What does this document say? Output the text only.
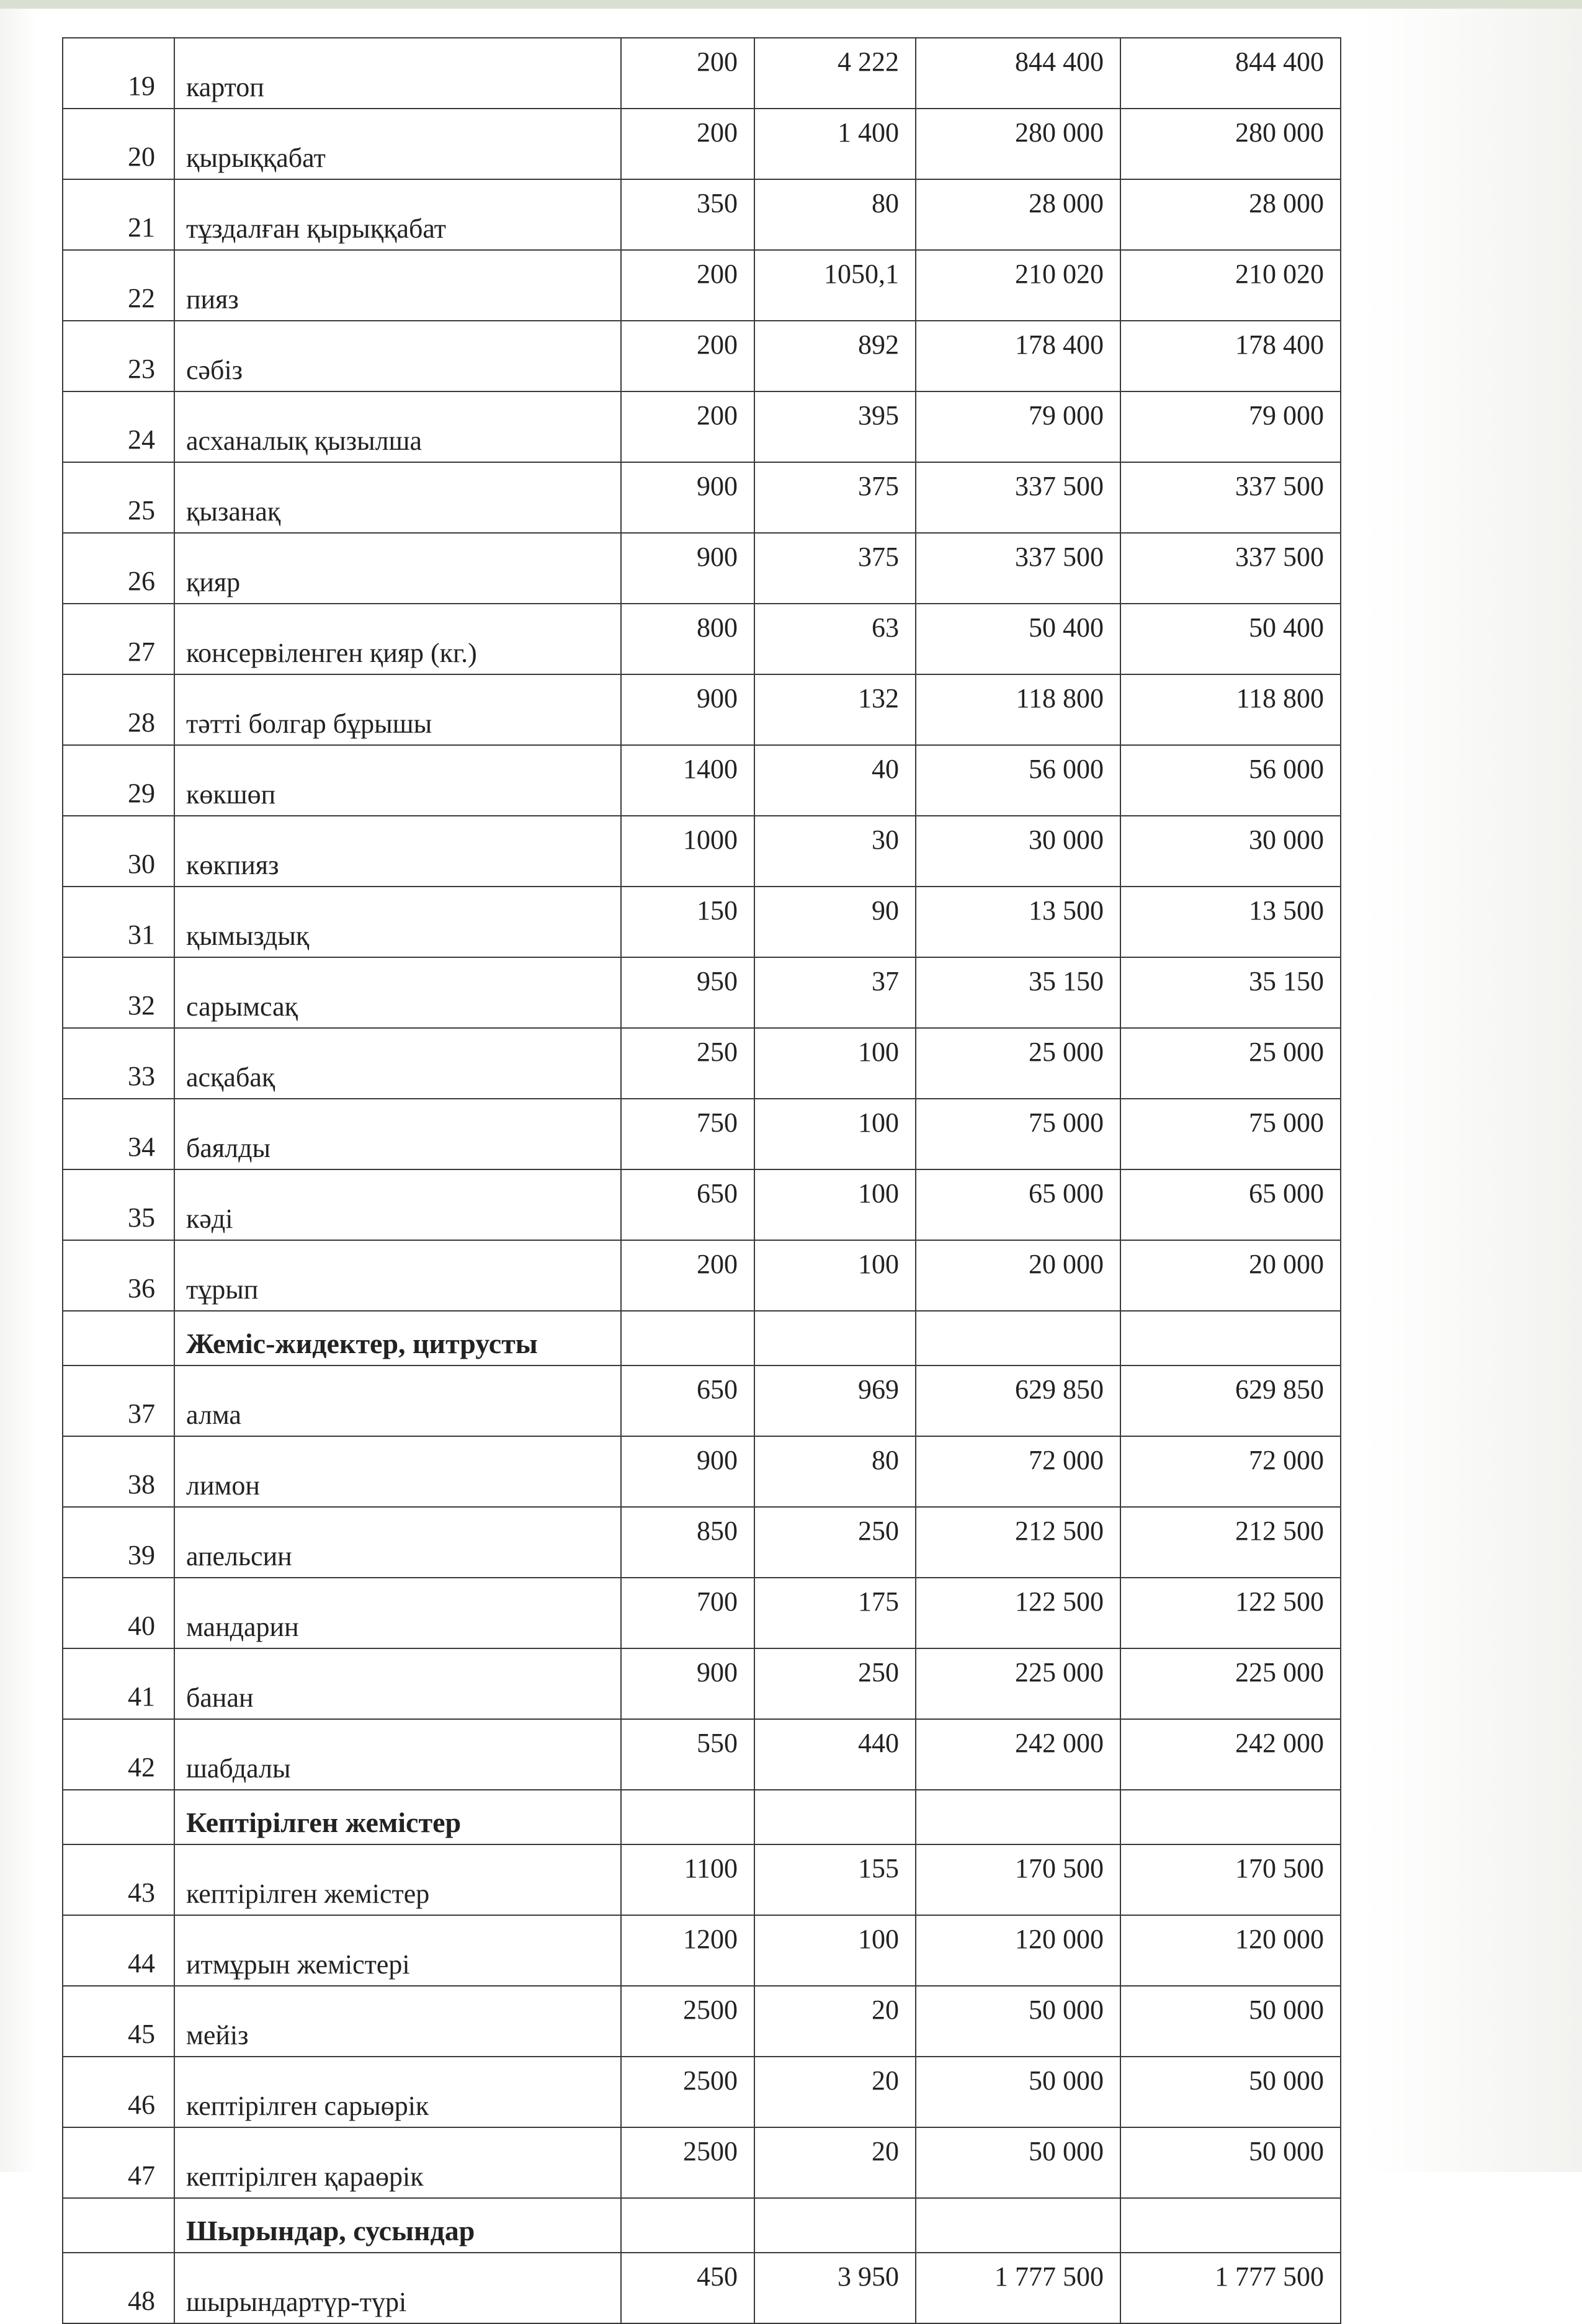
19	картоп	200	4 222	844 400	844 400
20	қырыққабат	200	1 400	280 000	280 000
21	тұздалған қырыққабат	350	80	28 000	28 000
22	пияз	200	1050,1	210 020	210 020
23	сәбіз	200	892	178 400	178 400
24	асханалық қызылша	200	395	79 000	79 000
25	қызанақ	900	375	337 500	337 500
26	қияр	900	375	337 500	337 500
27	консервіленген қияр (кг.)	800	63	50 400	50 400
28	тәтті болгар бұрышы	900	132	118 800	118 800
29	көкшөп	1400	40	56 000	56 000
30	көкпияз	1000	30	30 000	30 000
31	қымыздық	150	90	13 500	13 500
32	сарымсақ	950	37	35 150	35 150
33	асқабақ	250	100	25 000	25 000
34	баялды	750	100	75 000	75 000
35	кәді	650	100	65 000	65 000
36	тұрып	200	100	20 000	20 000
	Жеміс-жидектер, цитрусты				
37	алма	650	969	629 850	629 850
38	лимон	900	80	72 000	72 000
39	апельсин	850	250	212 500	212 500
40	мандарин	700	175	122 500	122 500
41	банан	900	250	225 000	225 000
42	шабдалы	550	440	242 000	242 000
	Кептірілген жемістер				
43	кептірілген жемістер	1100	155	170 500	170 500
44	итмұрын жемістері	1200	100	120 000	120 000
45	мейіз	2500	20	50 000	50 000
46	кептірілген сарыөрік	2500	20	50 000	50 000
47	кептірілген қараөрік	2500	20	50 000	50 000
	Шырындар, сусындар				
48	шырындартүр-түрі	450	3 950	1 777 500	1 777 500
